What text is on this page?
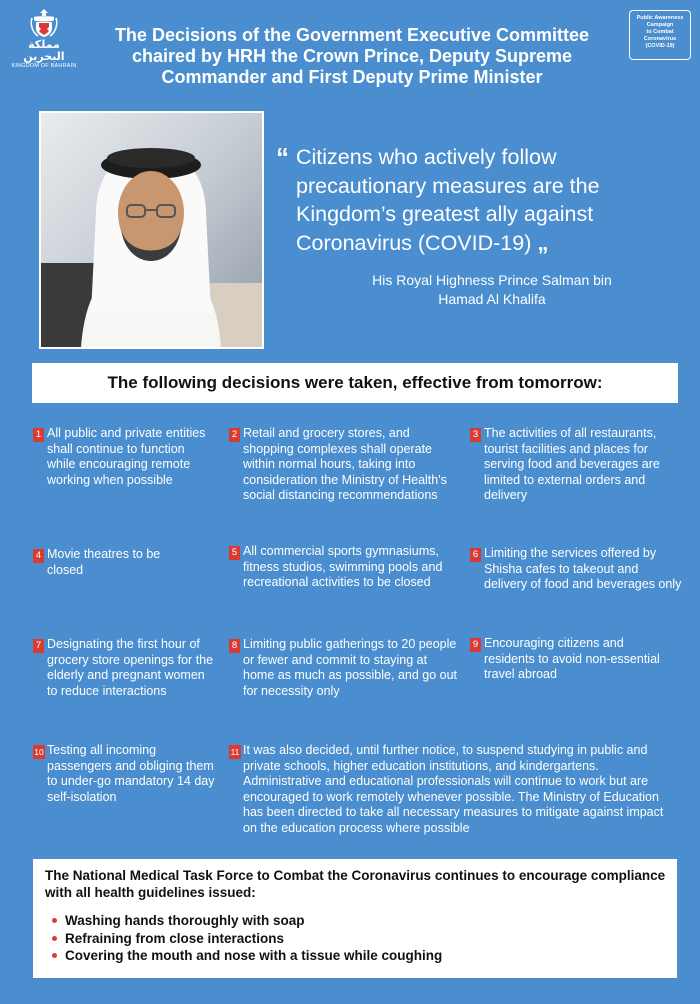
مملكة البحرين
KINGDOM OF BAHRAIN
The Decisions of the Government Executive Committee
chaired by HRH the Crown Prince, Deputy Supreme
Commander and First Deputy Prime Minister
Public Awareness
Campaign
to Combat
Coronavirus
(COVID-19)
“ Citizens who actively follow precautionary measures are the Kingdom’s greatest ally against Coronavirus (COVID-19) „
His Royal Highness Prince Salman bin
Hamad Al Khalifa
The following decisions were taken, effective from tomorrow:
1 All public and private entities shall continue to function while encouraging remote working when possible
2 Retail and grocery stores, and shopping complexes shall operate within normal hours, taking into consideration the Ministry of Health's social distancing recommendations
3 The activities of all restaurants, tourist facilities and places for serving food and beverages are limited to external orders and delivery
4 Movie theatres to be closed
5 All commercial sports gymnasiums, fitness studios, swimming pools and recreational activities to be closed
6 Limiting the services offered by Shisha cafes to takeout and delivery of food and beverages only
7 Designating the first hour of grocery store openings for the elderly and pregnant women to reduce interactions
8 Limiting public gatherings to 20 people or fewer and commit to staying at home as much as possible, and go out for necessity only
9 Encouraging citizens and residents to avoid non-essential travel abroad
10 Testing all incoming passengers and obliging them to under-go mandatory 14 day self-isolation
11 It was also decided, until further notice, to suspend studying in public and private schools, higher education institutions, and kindergartens. Administrative and educational professionals will continue to work but are encouraged to work remotely whenever possible. The Ministry of Education has been directed to take all necessary measures to mitigate against impact on the education process where possible
The National Medical Task Force to Combat the Coronavirus continues to encourage compliance with all health guidelines issued:
Washing hands thoroughly with soap
Refraining from close interactions
Covering the mouth and nose with a tissue while coughing
